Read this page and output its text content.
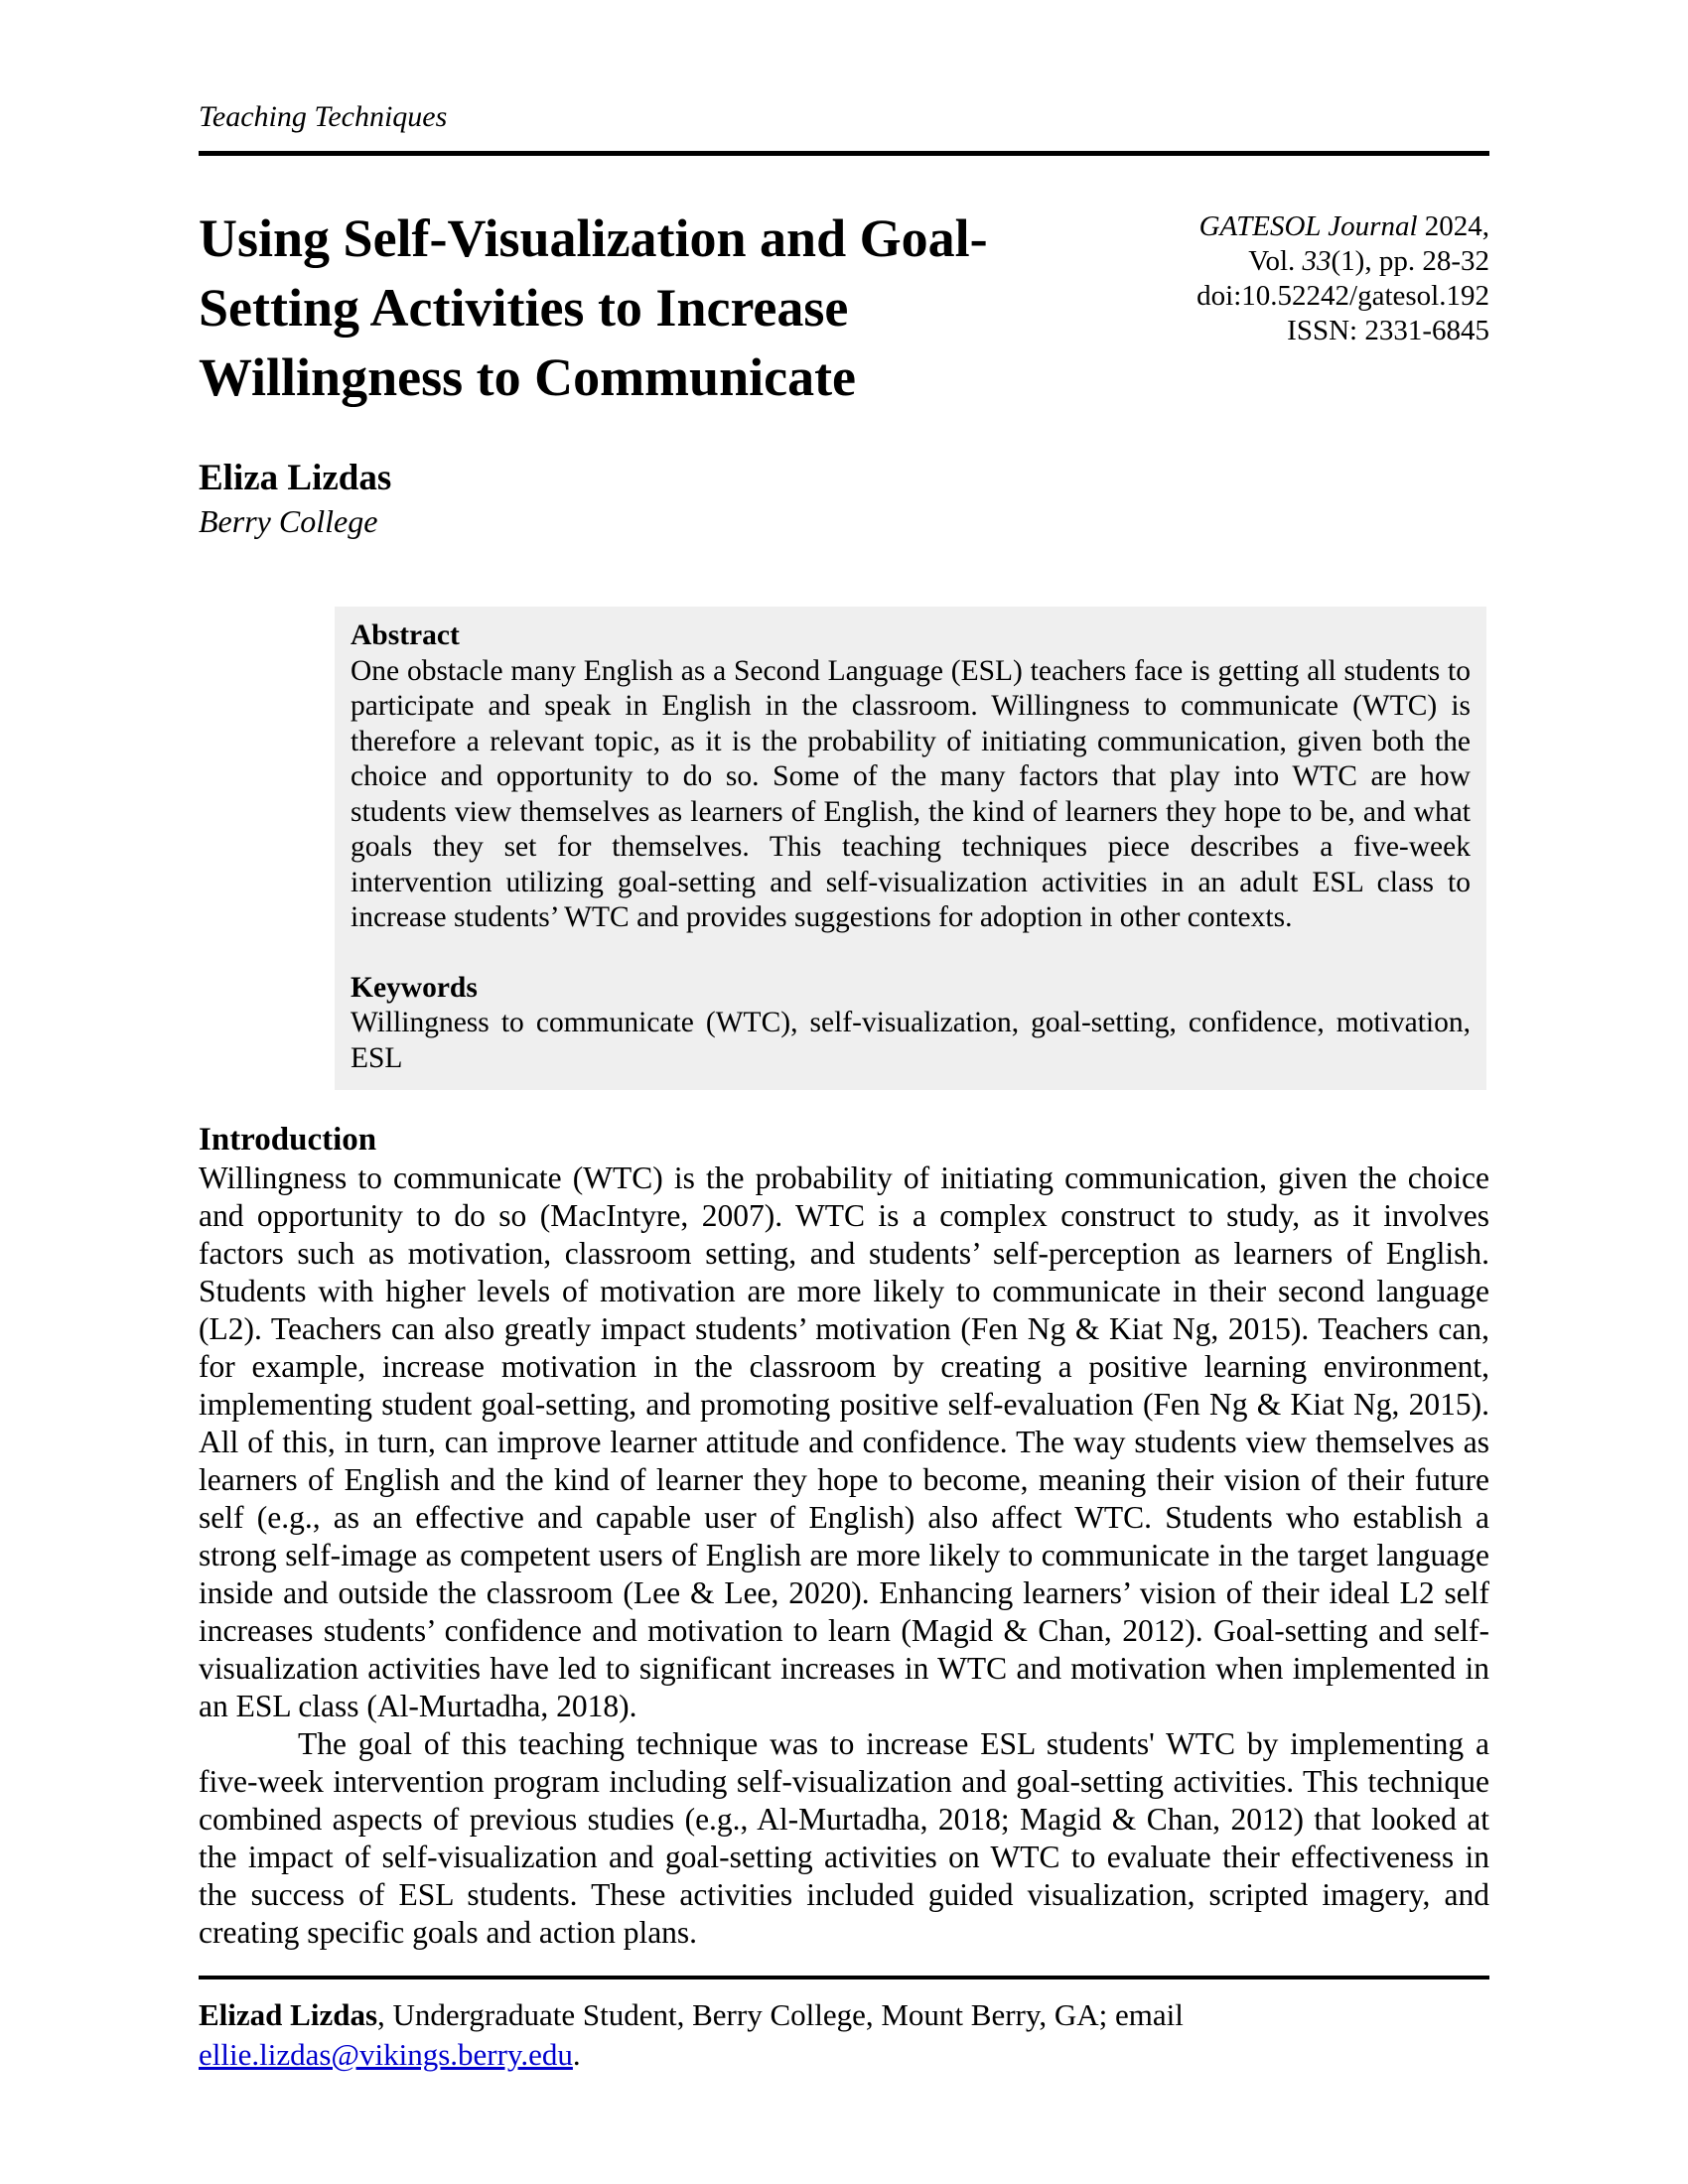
Teaching Techniques
Using Self-Visualization and Goal-Setting Activities to Increase Willingness to Communicate
GATESOL Journal 2024,
Vol. 33(1), pp. 28-32
doi:10.52242/gatesol.192
ISSN: 2331-6845
Eliza Lizdas
Berry College
Abstract
One obstacle many English as a Second Language (ESL) teachers face is getting all students to participate and speak in English in the classroom. Willingness to communicate (WTC) is therefore a relevant topic, as it is the probability of initiating communication, given both the choice and opportunity to do so. Some of the many factors that play into WTC are how students view themselves as learners of English, the kind of learners they hope to be, and what goals they set for themselves. This teaching techniques piece describes a five-week intervention utilizing goal-setting and self-visualization activities in an adult ESL class to increase students’ WTC and provides suggestions for adoption in other contexts.
Keywords
Willingness to communicate (WTC), self-visualization, goal-setting, confidence, motivation, ESL
Introduction
Willingness to communicate (WTC) is the probability of initiating communication, given the choice and opportunity to do so (MacIntyre, 2007). WTC is a complex construct to study, as it involves factors such as motivation, classroom setting, and students’ self-perception as learners of English. Students with higher levels of motivation are more likely to communicate in their second language (L2). Teachers can also greatly impact students’ motivation (Fen Ng & Kiat Ng, 2015). Teachers can, for example, increase motivation in the classroom by creating a positive learning environment, implementing student goal-setting, and promoting positive self-evaluation (Fen Ng & Kiat Ng, 2015). All of this, in turn, can improve learner attitude and confidence. The way students view themselves as learners of English and the kind of learner they hope to become, meaning their vision of their future self (e.g., as an effective and capable user of English) also affect WTC. Students who establish a strong self-image as competent users of English are more likely to communicate in the target language inside and outside the classroom (Lee & Lee, 2020). Enhancing learners’ vision of their ideal L2 self increases students’ confidence and motivation to learn (Magid & Chan, 2012). Goal-setting and self-visualization activities have led to significant increases in WTC and motivation when implemented in an ESL class (Al-Murtadha, 2018).
The goal of this teaching technique was to increase ESL students' WTC by implementing a five-week intervention program including self-visualization and goal-setting activities. This technique combined aspects of previous studies (e.g., Al-Murtadha, 2018; Magid & Chan, 2012) that looked at the impact of self-visualization and goal-setting activities on WTC to evaluate their effectiveness in the success of ESL students. These activities included guided visualization, scripted imagery, and creating specific goals and action plans.
Elizad Lizdas, Undergraduate Student, Berry College, Mount Berry, GA; email ellie.lizdas@vikings.berry.edu.
